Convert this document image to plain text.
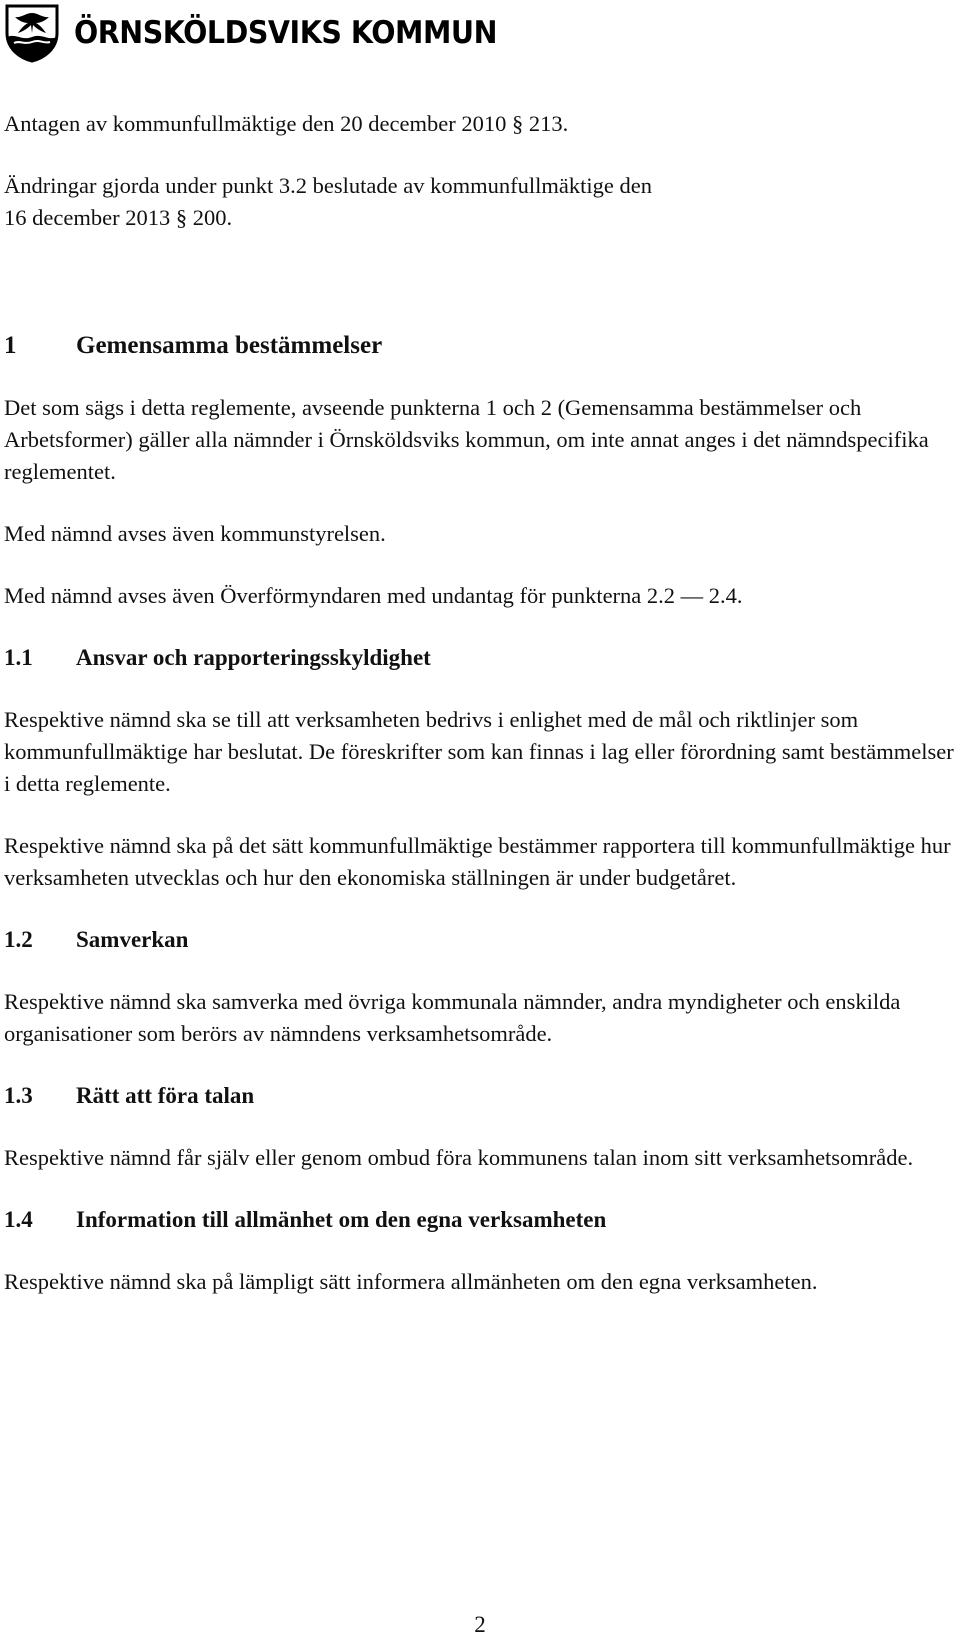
ÖRNSKÖLDSVIKS KOMMUN

Antagen av kommunfullmäktige den 20 december 2010 § 213.

Ändringar gjorda under punkt 3.2 beslutade av kommunfullmäktige den

16 december 2013 § 200.

1	Gemensamma bestämmelser

Det som sägs i detta reglemente, avseende punkterna 1 och 2 (Gemensamma bestämmelser och Arbetsformer) gäller alla nämnder i Örnsköldsviks kommun, om inte annat anges i det nämndspecifika reglementet.

Med nämnd avses även kommunstyrelsen.

Med nämnd avses även Överförmyndaren med undantag för punkterna 2.2 — 2.4.

1.1	Ansvar och rapporteringsskyldighet

Respektive nämnd ska se till att verksamheten bedrivs i enlighet med de mål och riktlinjer som kommunfullmäktige har beslutat. De föreskrifter som kan finnas i lag eller förordning samt bestämmelser i detta reglemente.

Respektive nämnd ska på det sätt kommunfullmäktige bestämmer rapportera till kommunfullmäktige hur verksamheten utvecklas och hur den ekonomiska ställningen är under budgetåret.

1.2	Samverkan

Respektive nämnd ska samverka med övriga kommunala nämnder, andra myndigheter och enskilda organisationer som berörs av nämndens verksamhetsområde.

1.3	Rätt att föra talan

Respektive nämnd får själv eller genom ombud föra kommunens talan inom sitt verksamhetsområde.

1.4	Information till allmänhet om den egna verksamheten

Respektive nämnd ska på lämpligt sätt informera allmänheten om den egna verksamheten.

2
